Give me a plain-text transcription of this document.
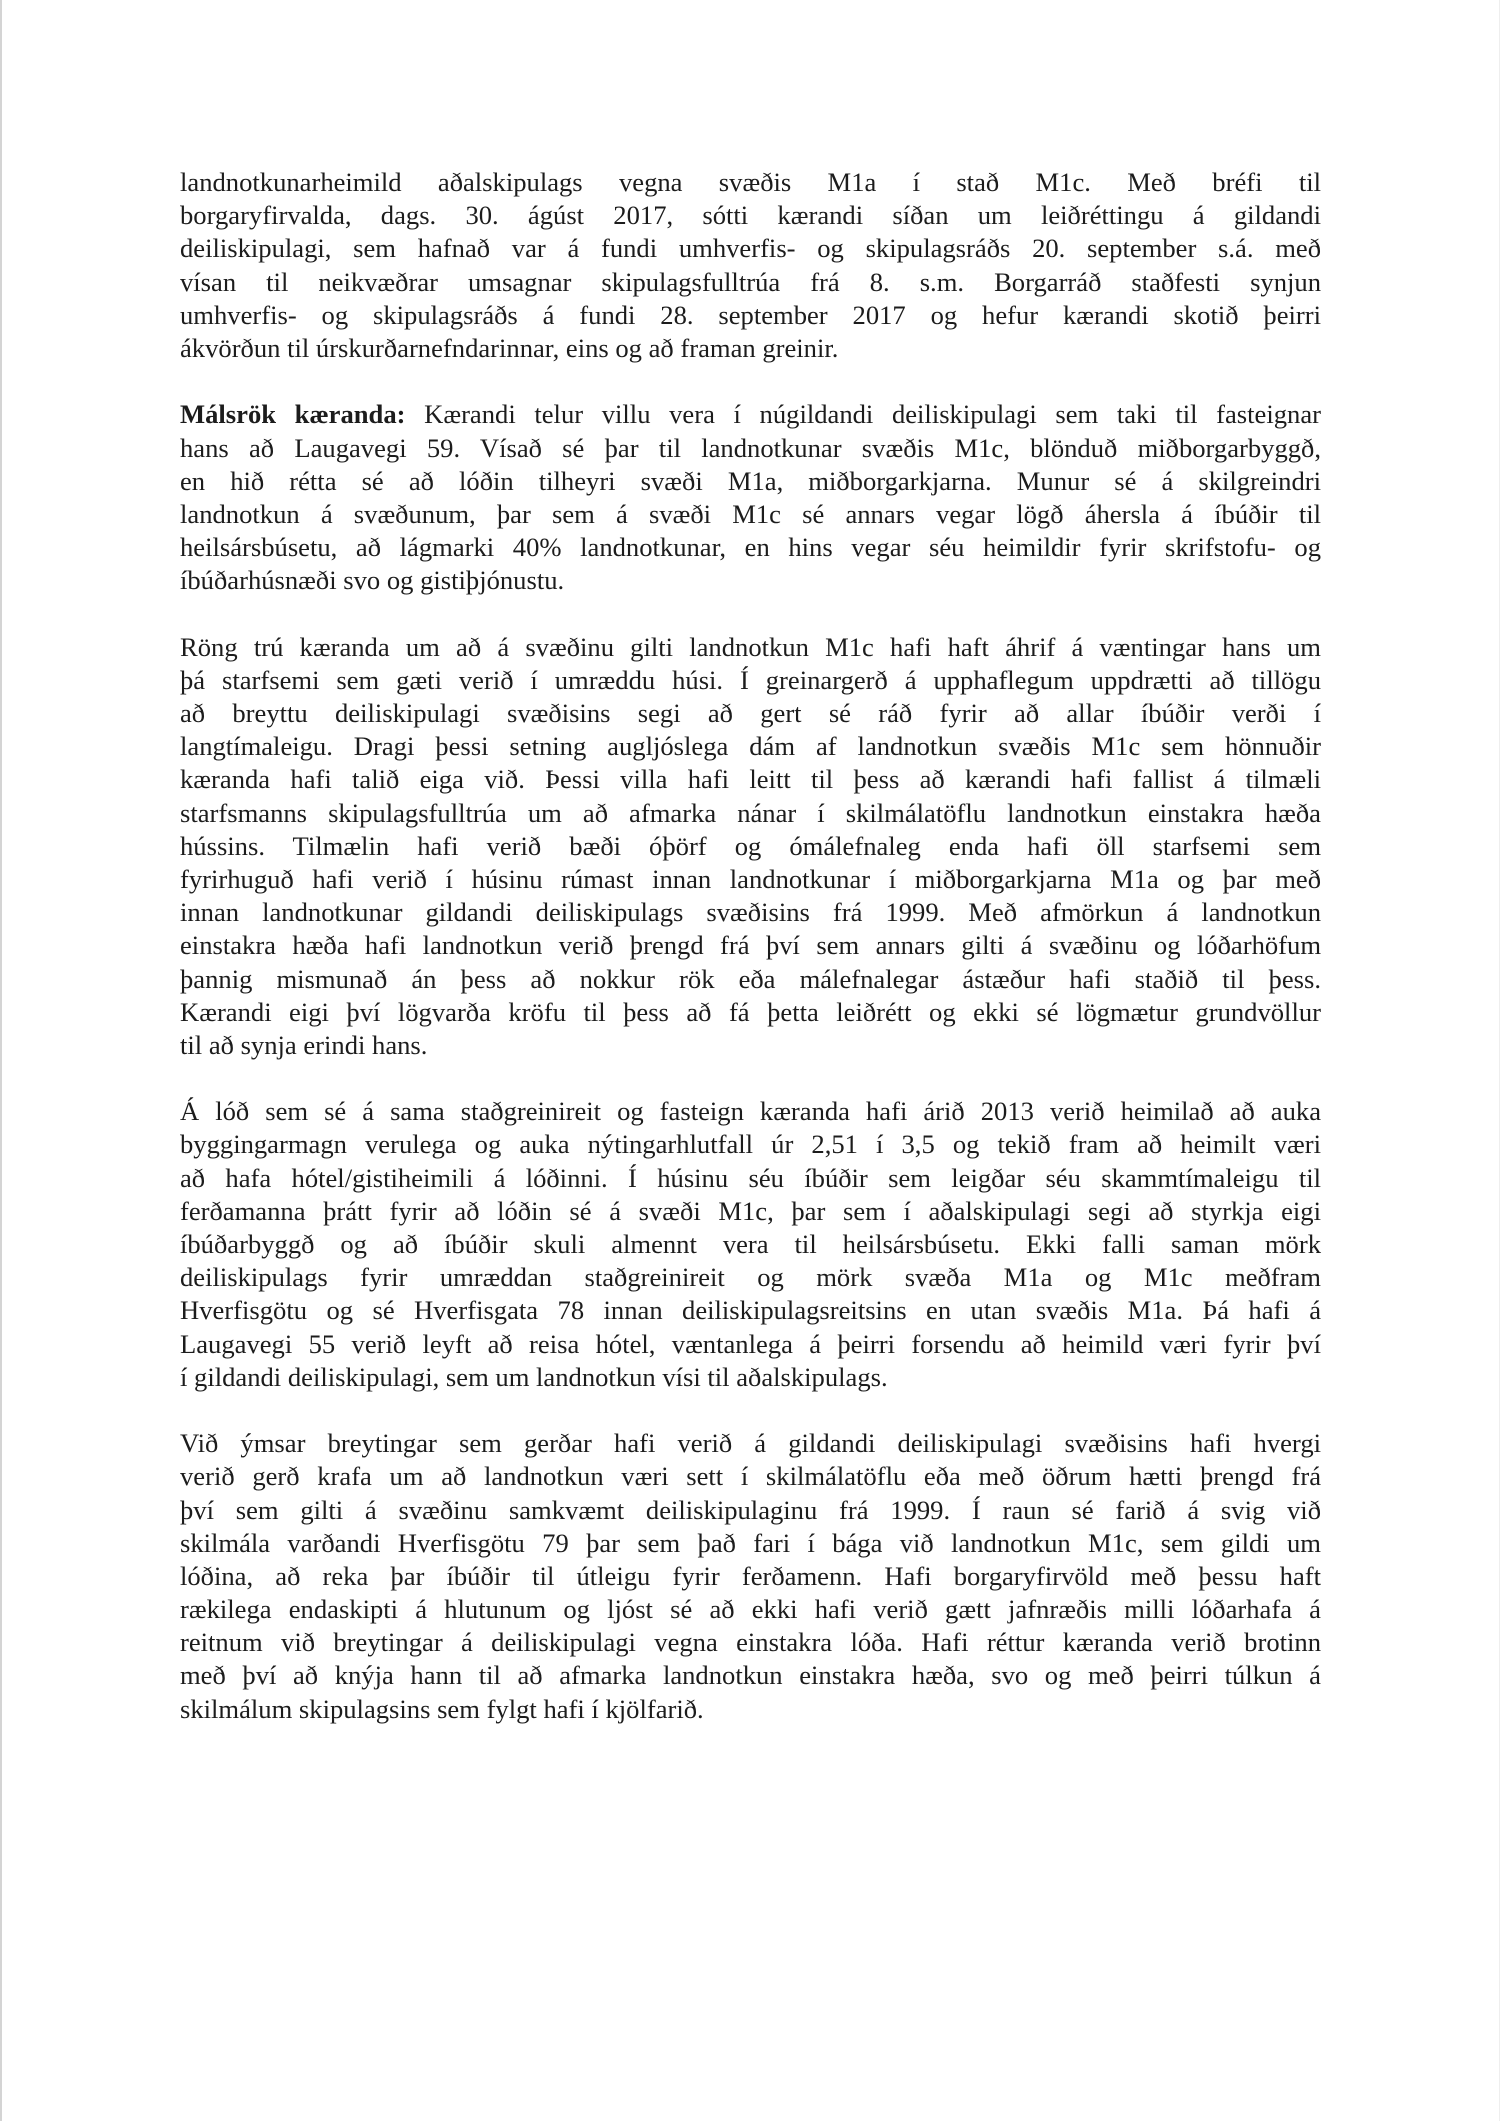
landnotkunarheimild aðalskipulags vegna svæðis M1a í stað M1c. Með bréfi til
borgaryfirvalda, dags. 30. ágúst 2017, sótti kærandi síðan um leiðréttingu á gildandi
deiliskipulagi, sem hafnað var á fundi umhverfis- og skipulagsráðs 20. september s.á. með
vísan til neikvæðrar umsagnar skipulagsfulltrúa frá 8. s.m. Borgarráð staðfesti synjun
umhverfis- og skipulagsráðs á fundi 28. september 2017 og hefur kærandi skotið þeirri
ákvörðun til úrskurðarnefndarinnar, eins og að framan greinir.
Málsrök kæranda: Kærandi telur villu vera í núgildandi deiliskipulagi sem taki til fasteignar
hans að Laugavegi 59. Vísað sé þar til landnotkunar svæðis M1c, blönduð miðborgarbyggð,
en hið rétta sé að lóðin tilheyri svæði M1a, miðborgarkjarna. Munur sé á skilgreindri
landnotkun á svæðunum, þar sem á svæði M1c sé annars vegar lögð áhersla á íbúðir til
heilsársbúsetu, að lágmarki 40% landnotkunar, en hins vegar séu heimildir fyrir skrifstofu- og
íbúðarhúsnæði svo og gistiþjónustu.
Röng trú kæranda um að á svæðinu gilti landnotkun M1c hafi haft áhrif á væntingar hans um
þá starfsemi sem gæti verið í umræddu húsi. Í greinargerð á upphaflegum uppdrætti að tillögu
að breyttu deiliskipulagi svæðisins segi að gert sé ráð fyrir að allar íbúðir verði í
langtímaleigu. Dragi þessi setning augljóslega dám af landnotkun svæðis M1c sem hönnuðir
kæranda hafi talið eiga við. Þessi villa hafi leitt til þess að kærandi hafi fallist á tilmæli
starfsmanns skipulagsfulltrúa um að afmarka nánar í skilmálatöflu landnotkun einstakra hæða
hússins. Tilmælin hafi verið bæði óþörf og ómálefnaleg enda hafi öll starfsemi sem
fyrirhuguð hafi verið í húsinu rúmast innan landnotkunar í miðborgarkjarna M1a og þar með
innan landnotkunar gildandi deiliskipulags svæðisins frá 1999. Með afmörkun á landnotkun
einstakra hæða hafi landnotkun verið þrengd frá því sem annars gilti á svæðinu og lóðarhöfum
þannig mismunað án þess að nokkur rök eða málefnalegar ástæður hafi staðið til þess.
Kærandi eigi því lögvarða kröfu til þess að fá þetta leiðrétt og ekki sé lögmætur grundvöllur
til að synja erindi hans.
Á lóð sem sé á sama staðgreinireit og fasteign kæranda hafi árið 2013 verið heimilað að auka
byggingarmagn verulega og auka nýtingarhlutfall úr 2,51 í 3,5 og tekið fram að heimilt væri
að hafa hótel/gistiheimili á lóðinni. Í húsinu séu íbúðir sem leigðar séu skammtímaleigu til
ferðamanna þrátt fyrir að lóðin sé á svæði M1c, þar sem í aðalskipulagi segi að styrkja eigi
íbúðarbyggð og að íbúðir skuli almennt vera til heilsársbúsetu. Ekki falli saman mörk
deiliskipulags fyrir umræddan staðgreinireit og mörk svæða M1a og M1c meðfram
Hverfisgötu og sé Hverfisgata 78 innan deiliskipulagsreitsins en utan svæðis M1a. Þá hafi á
Laugavegi 55 verið leyft að reisa hótel, væntanlega á þeirri forsendu að heimild væri fyrir því
í gildandi deiliskipulagi, sem um landnotkun vísi til aðalskipulags.
Við ýmsar breytingar sem gerðar hafi verið á gildandi deiliskipulagi svæðisins hafi hvergi
verið gerð krafa um að landnotkun væri sett í skilmálatöflu eða með öðrum hætti þrengd frá
því sem gilti á svæðinu samkvæmt deiliskipulaginu frá 1999. Í raun sé farið á svig við
skilmála varðandi Hverfisgötu 79 þar sem það fari í bága við landnotkun M1c, sem gildi um
lóðina, að reka þar íbúðir til útleigu fyrir ferðamenn. Hafi borgaryfirvöld með þessu haft
rækilega endaskipti á hlutunum og ljóst sé að ekki hafi verið gætt jafnræðis milli lóðarhafa á
reitnum við breytingar á deiliskipulagi vegna einstakra lóða. Hafi réttur kæranda verið brotinn
með því að knýja hann til að afmarka landnotkun einstakra hæða, svo og með þeirri túlkun á
skilmálum skipulagsins sem fylgt hafi í kjölfarið.
